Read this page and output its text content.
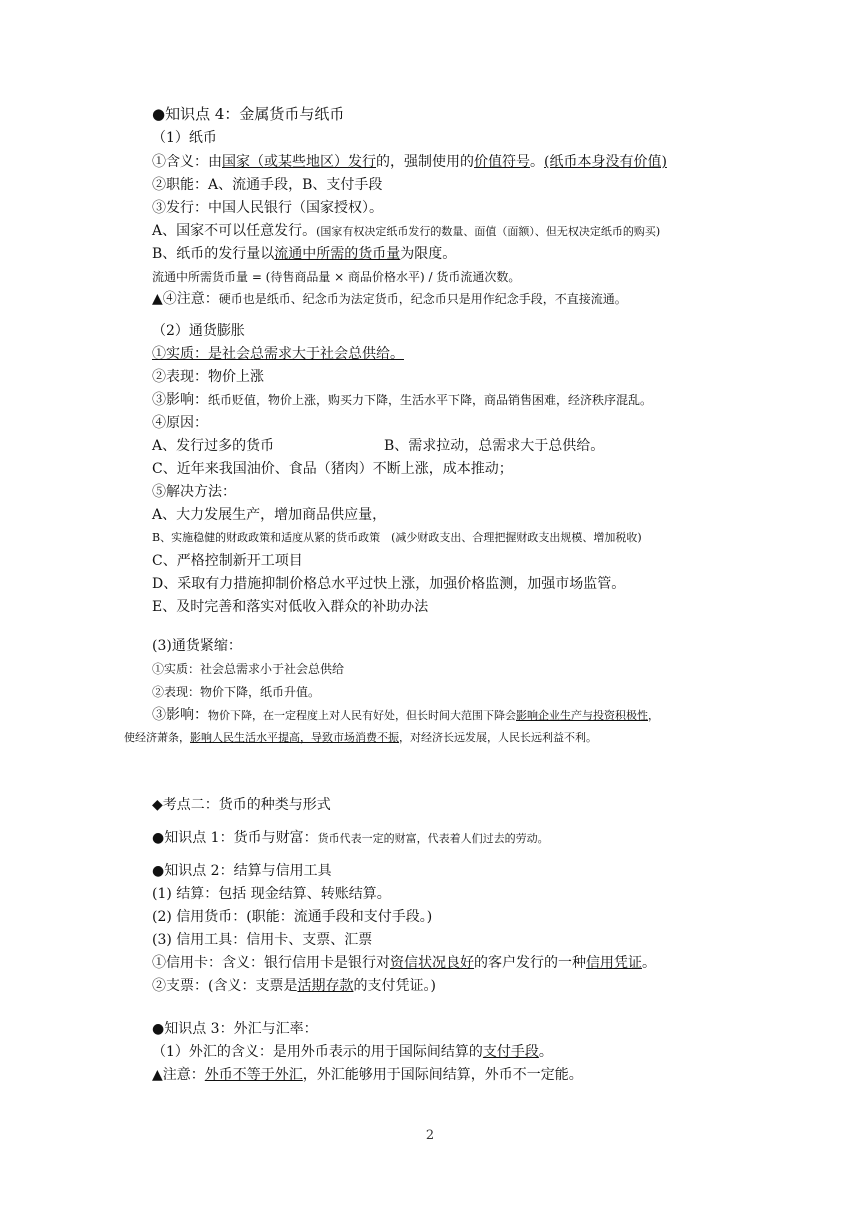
●知识点 4：金属货币与纸币
（1）纸币
①含义：由国家（或某些地区）发行的，强制使用的价值符号。(纸币本身没有价值)
②职能：A、流通手段，B、支付手段
③发行：中国人民银行（国家授权）。
A、国家不可以任意发行。(国家有权决定纸币发行的数量、面值（面额）、但无权决定纸币的购买)
B、纸币的发行量以流通中所需的货币量为限度。
流通中所需货币量 = (待售商品量 × 商品价格水平) / 货币流通次数。
▲④注意：硬币也是纸币、纪念币为法定货币，纪念币只是用作纪念手段，不直接流通。
（2）通货膨胀
①实质：是社会总需求大于社会总供给。
②表现：物价上涨
③影响：纸币贬值，物价上涨，购买力下降，生活水平下降，商品销售困难，经济秩序混乱。
④原因：
A、发行过多的货币	B、需求拉动，总需求大于总供给。
C、近年来我国油价、食品（猪肉）不断上涨，成本推动；
⑤解决方法：
A、大力发展生产，增加商品供应量，
B、实施稳健的财政政策和适度从紧的货币政策　(减少财政支出、合理把握财政支出规模、增加税收)
C、严格控制新开工项目
D、采取有力措施抑制价格总水平过快上涨，加强价格监测，加强市场监管。
E、及时完善和落实对低收入群众的补助办法
(3)通货紧缩：
①实质：社会总需求小于社会总供给
②表现：物价下降，纸币升值。
③影响：物价下降，在一定程度上对人民有好处，但长时间大范围下降会影响企业生产与投资积极性，
使经济萧条，影响人民生活水平提高，导致市场消费不振，对经济长远发展，人民长远利益不利。
◆考点二：货币的种类与形式
●知识点 1：货币与财富：货币代表一定的财富，代表着人们过去的劳动。
●知识点 2：结算与信用工具
(1) 结算：包括 现金结算、转账结算。
(2) 信用货币：(职能：流通手段和支付手段。)
(3) 信用工具：信用卡、支票、汇票
①信用卡：含义：银行信用卡是银行对资信状况良好的客户发行的一种信用凭证。
②支票：(含义：支票是活期存款的支付凭证。)
●知识点 3：外汇与汇率：
（1）外汇的含义：是用外币表示的用于国际间结算的支付手段。
▲注意：外币不等于外汇，外汇能够用于国际间结算，外币不一定能。
2
